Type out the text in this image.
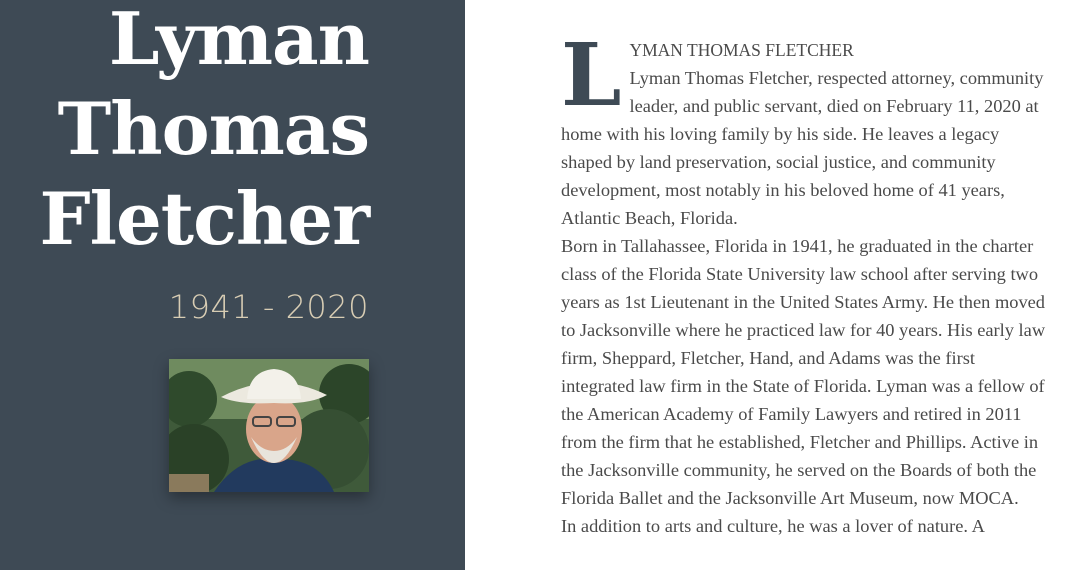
Lyman
Thomas
Fletcher
1941 - 2020
L YMAN THOMAS FLETCHER
Lyman Thomas Fletcher, respected attorney, community leader, and public servant, died on February 11, 2020 at home with his loving family by his side. He leaves a legacy shaped by land preservation, social justice, and community development, most notably in his beloved home of 41 years, Atlantic Beach, Florida.
Born in Tallahassee, Florida in 1941, he graduated in the charter class of the Florida State University law school after serving two years as 1st Lieutenant in the United States Army. He then moved to Jacksonville where he practiced law for 40 years. His early law firm, Sheppard, Fletcher, Hand, and Adams was the first integrated law firm in the State of Florida. Lyman was a fellow of the American Academy of Family Lawyers and retired in 2011 from the firm that he established, Fletcher and Phillips. Active in the Jacksonville community, he served on the Boards of both the Florida Ballet and the Jacksonville Art Museum, now MOCA.
In addition to arts and culture, he was a lover of nature. A
